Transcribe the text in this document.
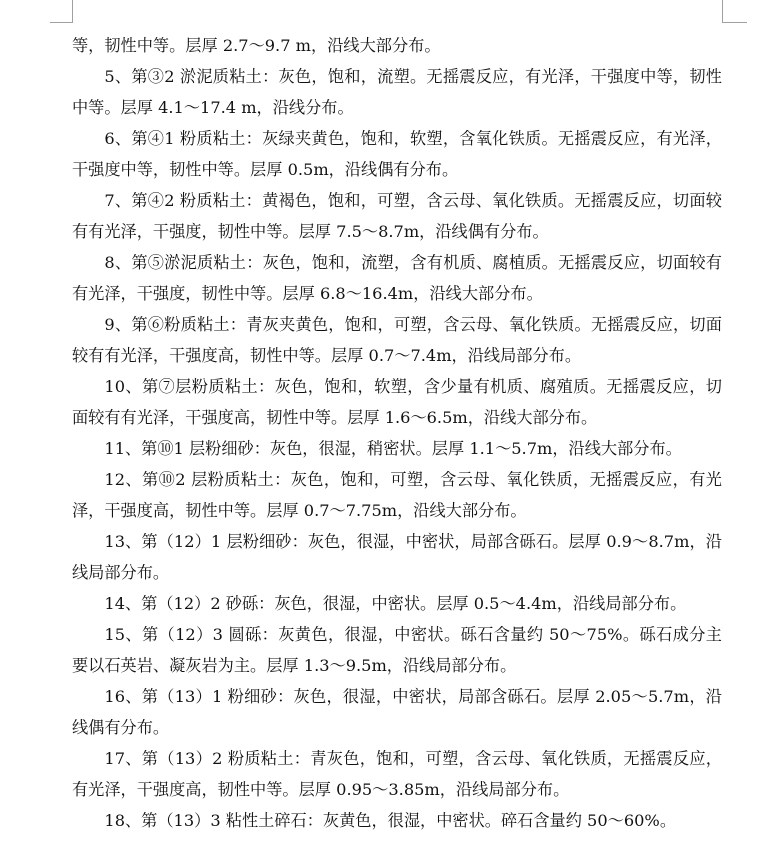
等，韧性中等。层厚 2.7～9.7 m，沿线大部分布。

5、第③2 淤泥质粘土：灰色，饱和，流塑。无摇震反应，有光泽，干强度中等，韧性中等。层厚 4.1～17.4 m，沿线分布。

6、第④1 粉质粘土：灰绿夹黄色，饱和，软塑，含氧化铁质。无摇震反应，有光泽，干强度中等，韧性中等。层厚 0.5m，沿线偶有分布。

7、第④2 粉质粘土：黄褐色，饱和，可塑，含云母、氧化铁质。无摇震反应，切面较有有光泽，干强度，韧性中等。层厚 7.5～8.7m，沿线偶有分布。

8、第⑤淤泥质粘土：灰色，饱和，流塑，含有机质、腐植质。无摇震反应，切面较有有光泽，干强度，韧性中等。层厚 6.8～16.4m，沿线大部分布。

9、第⑥粉质粘土：青灰夹黄色，饱和，可塑，含云母、氧化铁质。无摇震反应，切面较有有光泽，干强度高，韧性中等。层厚 0.7～7.4m，沿线局部分布。

10、第⑦层粉质粘土：灰色，饱和，软塑，含少量有机质、腐殖质。无摇震反应，切面较有有光泽，干强度高，韧性中等。层厚 1.6～6.5m，沿线大部分布。

11、第⑩1 层粉细砂：灰色，很湿，稍密状。层厚 1.1～5.7m，沿线大部分布。

12、第⑩2 层粉质粘土：灰色，饱和，可塑，含云母、氧化铁质，无摇震反应，有光泽，干强度高，韧性中等。层厚 0.7～7.75m，沿线大部分布。

13、第（12）1 层粉细砂：灰色，很湿，中密状，局部含砾石。层厚 0.9～8.7m，沿线局部分布。

14、第（12）2 砂砾：灰色，很湿，中密状。层厚 0.5～4.4m，沿线局部分布。

15、第（12）3 圆砾：灰黄色，很湿，中密状。砾石含量约 50～75%。砾石成分主要以石英岩、凝灰岩为主。层厚 1.3～9.5m，沿线局部分布。

16、第（13）1 粉细砂：灰色，很湿，中密状，局部含砾石。层厚 2.05～5.7m，沿线偶有分布。

17、第（13）2 粉质粘土：青灰色，饱和，可塑，含云母、氧化铁质，无摇震反应，有光泽，干强度高，韧性中等。层厚 0.95～3.85m，沿线局部分布。

18、第（13）3 粘性土碎石：灰黄色，很湿，中密状。碎石含量约 50～60%。
